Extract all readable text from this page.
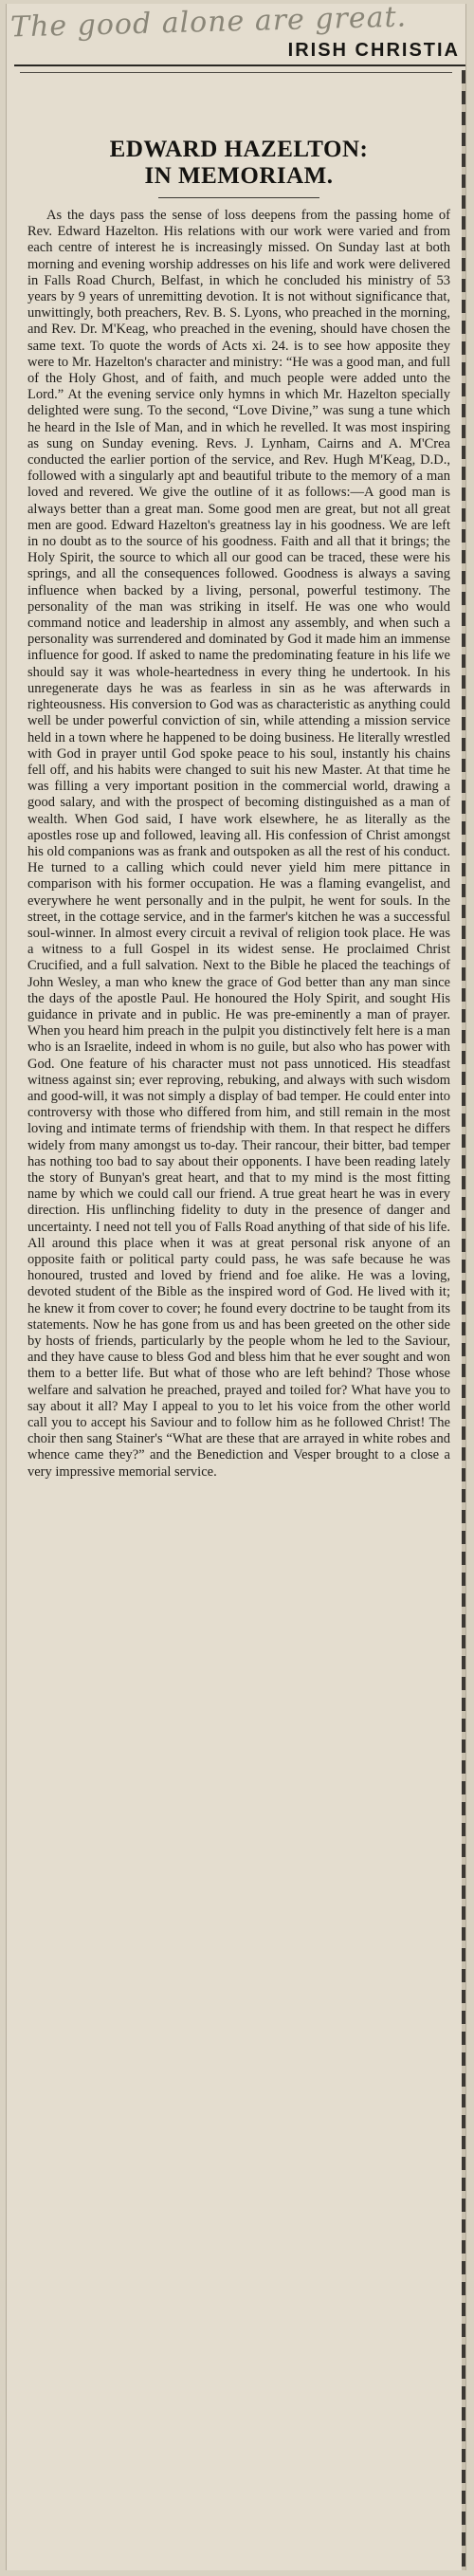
The good alone are great.
IRISH CHRISTIA
EDWARD HAZELTON:
IN MEMORIAM.

As the days pass the sense of loss deepens from the passing home of Rev. Edward Hazelton. His relations with our work were varied and from each centre of interest he is increasingly missed. On Sunday last at both morning and evening worship addresses on his life and work were delivered in Falls Road Church, Belfast, in which he concluded his ministry of 53 years by 9 years of unremitting devotion. It is not without significance that, unwittingly, both preachers, Rev. B. S. Lyons, who preached in the morning, and Rev. Dr. M'Keag, who preached in the evening, should have chosen the same text. To quote the words of Acts xi. 24. is to see how apposite they were to Mr. Hazelton's character and ministry: “He was a good man, and full of the Holy Ghost, and of faith, and much people were added unto the Lord.” At the evening service only hymns in which Mr. Hazelton specially delighted were sung. To the second, “Love Divine,” was sung a tune which he heard in the Isle of Man, and in which he revelled. It was most inspiring as sung on Sunday evening. Revs. J. Lynham, Cairns and A. M'Crea conducted the earlier portion of the service, and Rev. Hugh M'Keag, D.D., followed with a singularly apt and beautiful tribute to the memory of a man loved and revered. We give the outline of it as follows:—A good man is always better than a great man. Some good men are great, but not all great men are good. Edward Hazelton's greatness lay in his goodness. We are left in no doubt as to the source of his goodness. Faith and all that it brings; the Holy Spirit, the source to which all our good can be traced, these were his springs, and all the consequences followed. Goodness is always a saving influence when backed by a living, personal, powerful testimony. The personality of the man was striking in itself. He was one who would command notice and leadership in almost any assembly, and when such a personality was surrendered and dominated by God it made him an immense influence for good. If asked to name the predominating feature in his life we should say it was whole-heartedness in every thing he undertook. In his unregenerate days he was as fearless in sin as he was afterwards in righteousness. His conversion to God was as characteristic as anything could well be under powerful conviction of sin, while attending a mission service held in a town where he happened to be doing business. He literally wrestled with God in prayer until God spoke peace to his soul, instantly his chains fell off, and his habits were changed to suit his new Master. At that time he was filling a very important position in the commercial world, drawing a good salary, and with the prospect of becoming distinguished as a man of wealth. When God said, I have work elsewhere, he as literally as the apostles rose up and followed, leaving all. His confession of Christ amongst his old companions was as frank and outspoken as all the rest of his conduct. He turned to a calling which could never yield him mere pittance in comparison with his former occupation. He was a flaming evangelist, and everywhere he went personally and in the pulpit, he went for souls. In the street, in the cottage service, and in the farmer's kitchen he was a successful soul-winner. In almost every circuit a revival of religion took place. He was a witness to a full Gospel in its widest sense. He proclaimed Christ Crucified, and a full salvation. Next to the Bible he placed the teachings of John Wesley, a man who knew the grace of God better than any man since the days of the apostle Paul. He honoured the Holy Spirit, and sought His guidance in private and in public. He was pre-eminently a man of prayer. When you heard him preach in the pulpit you distinctively felt here is a man who is an Israelite, indeed in whom is no guile, but also who has power with God. One feature of his character must not pass unnoticed. His steadfast witness against sin; ever reproving, rebuking, and always with such wisdom and good-will, it was not simply a display of bad temper. He could enter into controversy with those who differed from him, and still remain in the most loving and intimate terms of friendship with them. In that respect he differs widely from many amongst us to-day. Their rancour, their bitter, bad temper has nothing too bad to say about their opponents. I have been reading lately the story of Bunyan's great heart, and that to my mind is the most fitting name by which we could call our friend. A true great heart he was in every direction. His unflinching fidelity to duty in the presence of danger and uncertainty. I need not tell you of Falls Road anything of that side of his life. All around this place when it was at great personal risk anyone of an opposite faith or political party could pass, he was safe because he was honoured, trusted and loved by friend and foe alike. He was a loving, devoted student of the Bible as the inspired word of God. He lived with it; he knew it from cover to cover; he found every doctrine to be taught from its statements. Now he has gone from us and has been greeted on the other side by hosts of friends, particularly by the people whom he led to the Saviour, and they have cause to bless God and bless him that he ever sought and won them to a better life. But what of those who are left behind? Those whose welfare and salvation he preached, prayed and toiled for? What have you to say about it all? May I appeal to you to let his voice from the other world call you to accept his Saviour and to follow him as he followed Christ! The choir then sang Stainer's “What are these that are arrayed in white robes and whence came they?” and the Benediction and Vesper brought to a close a very impressive memorial service.
